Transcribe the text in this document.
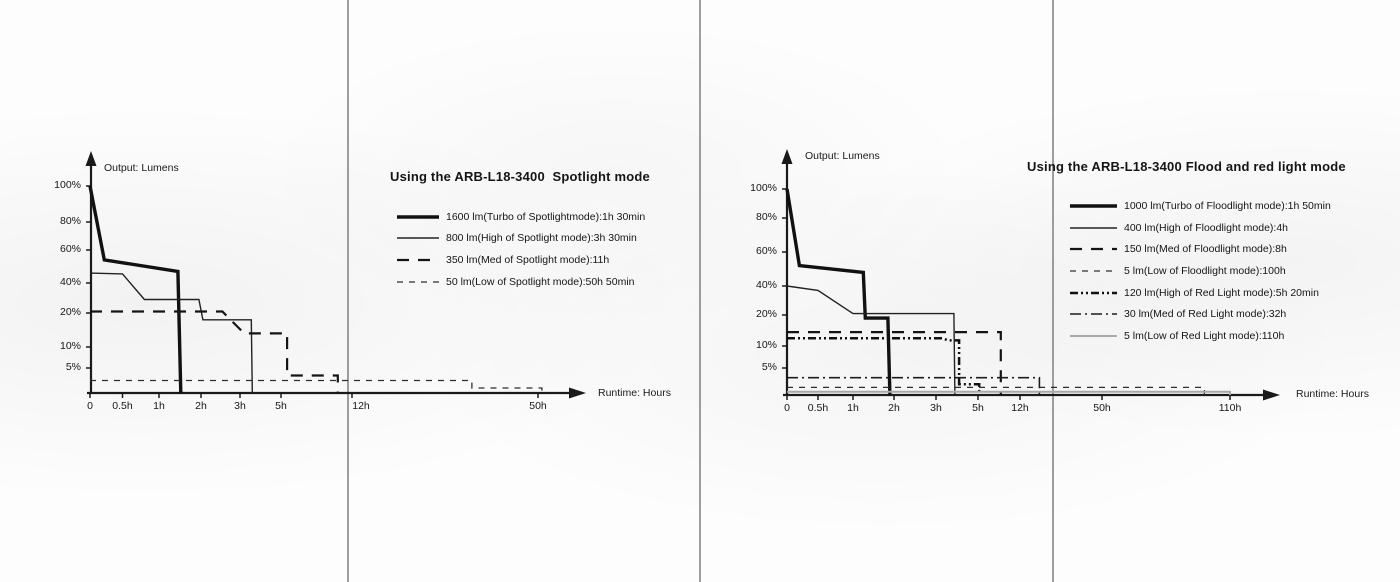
Using the ARB-L18-3400  Spotlight mode
Output: Lumens
Runtime: Hours
1600 lm(Turbo of Spotlightmode):1h 30min
800 lm(High of Spotlight mode):3h 30min
350 lm(Med of Spotlight mode):11h
50 lm(Low of Spotlight mode):50h 50min
Using the ARB-L18-3400 Flood and red light mode
Output: Lumens
Runtime: Hours
1000 lm(Turbo of Floodlight mode):1h 50min
400 lm(High of Floodlight mode):4h
150 lm(Med of Floodlight mode):8h
5 lm(Low of Floodlight mode):100h
120 lm(High of Red Light mode):5h 20min
30 lm(Med of Red Light mode):32h
5 lm(Low of Red Light mode):110h
0 0.5h 1h	2h	3h	5h	12h	50h
100%
80%
60%
40%
20%
10%
5%
0 0.5h 1h	2h	3h	5h	12h	50h	110h
100%
80%
60%
40%
20%
10%
5%
